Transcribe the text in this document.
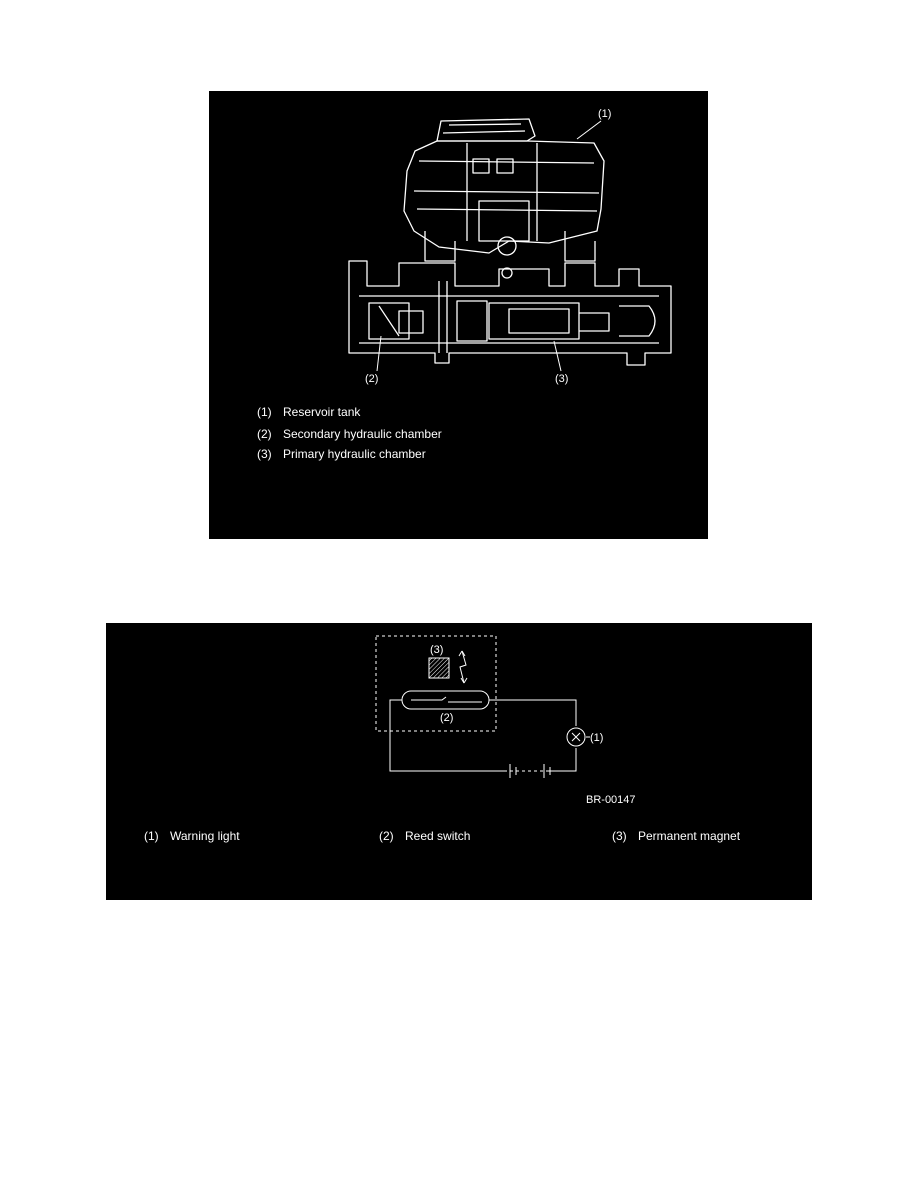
(1)
(2)	(3)
(1) Reservoir tank
(2) Secondary hydraulic chamber
(3) Primary hydraulic chamber
(3)
(2)
(1)
BR-00147
(1) Warning light	(2) Reed switch	(3) Permanent magnet
